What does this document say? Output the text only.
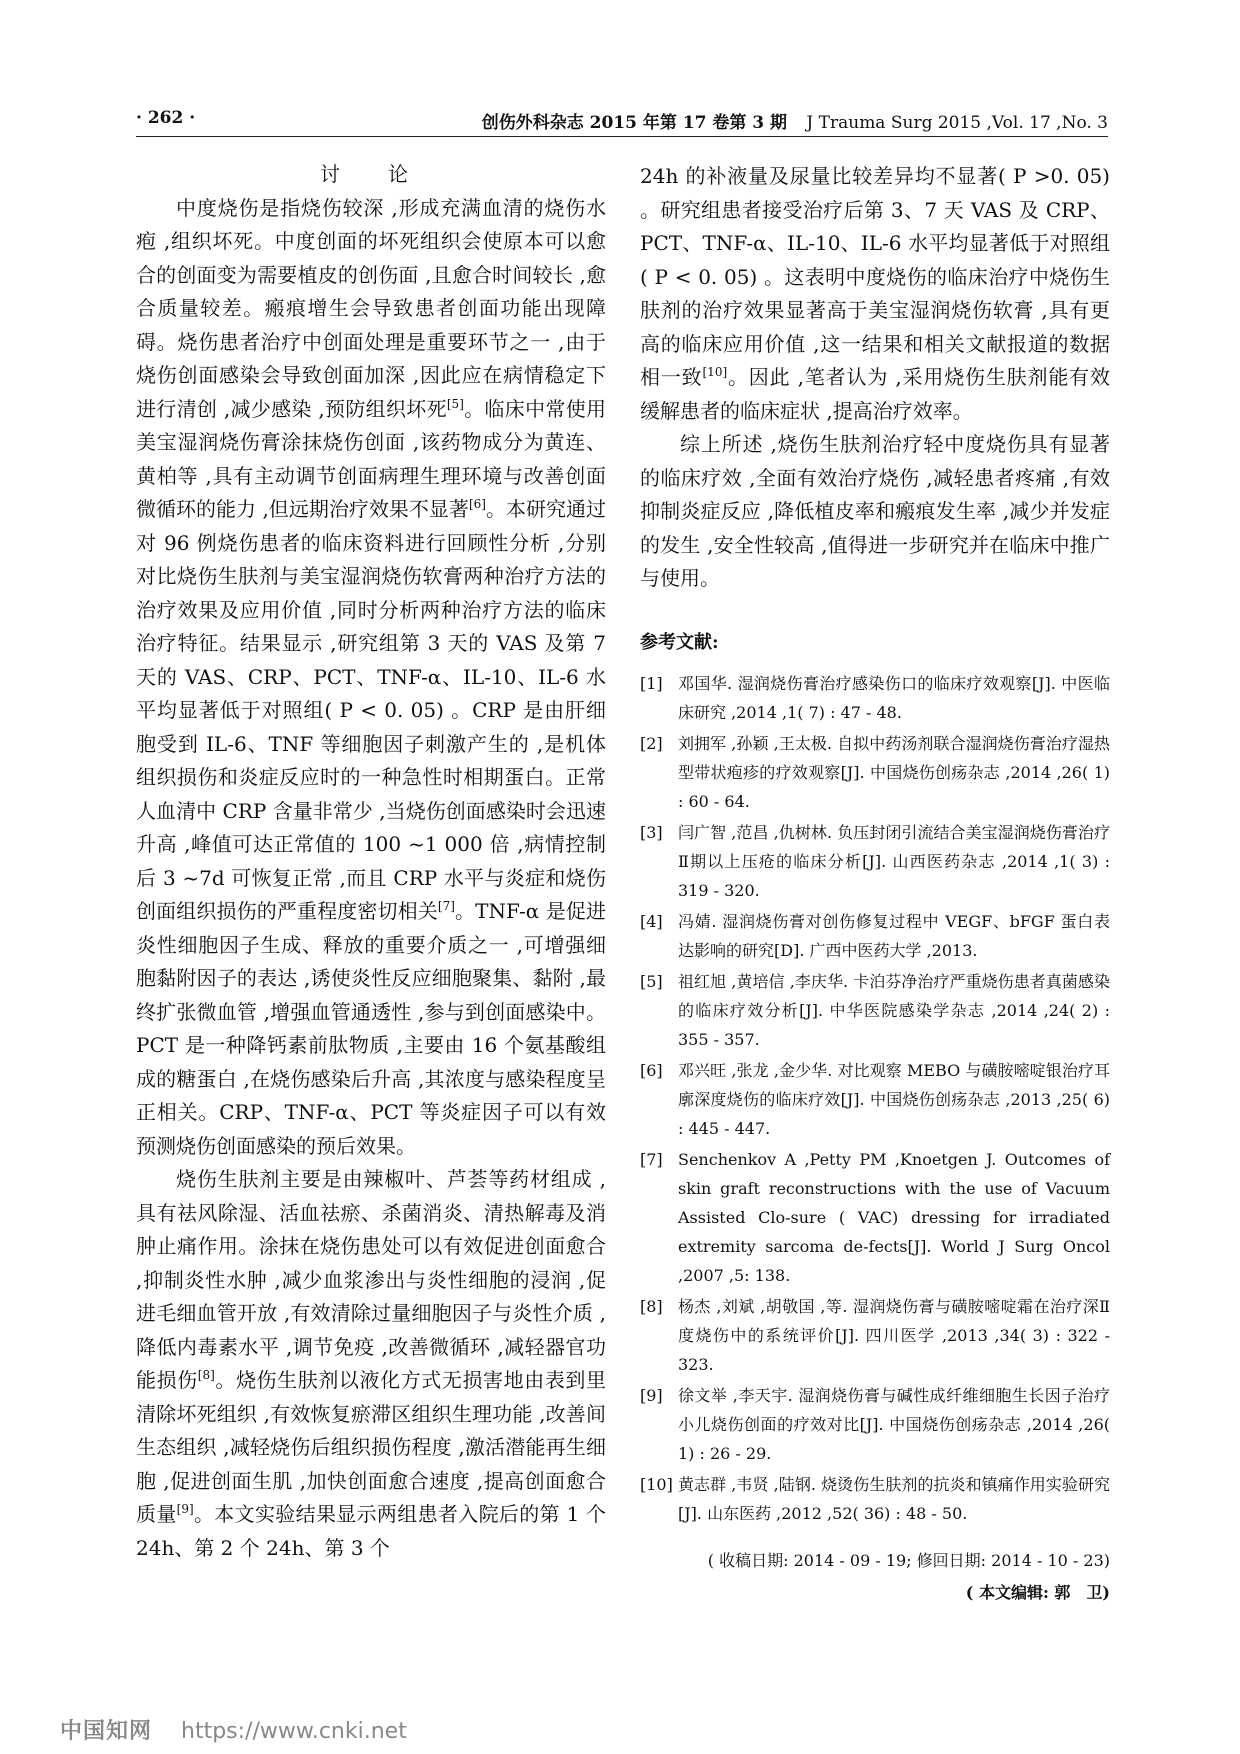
· 262 ·	创伤外科杂志 2015 年第 17 卷第 3 期 J Trauma Surg 2015 ,Vol. 17 ,No. 3
讨　论

中度烧伤是指烧伤较深 ,形成充满血清的烧伤水疱 ,组织坏死。中度创面的坏死组织会使原本可以愈合的创面变为需要植皮的创伤面 ,且愈合时间较长 ,愈合质量较差。瘢痕增生会导致患者创面功能出现障碍。烧伤患者治疗中创面处理是重要环节之一 ,由于烧伤创面感染会导致创面加深 ,因此应在病情稳定下进行清创 ,减少感染 ,预防组织坏死[5]。临床中常使用美宝湿润烧伤膏涂抹烧伤创面 ,该药物成分为黄连、黄柏等 ,具有主动调节创面病理生理环境与改善创面微循环的能力 ,但远期治疗效果不显著[6]。本研究通过对 96 例烧伤患者的临床资料进行回顾性分析 ,分别对比烧伤生肤剂与美宝湿润烧伤软膏两种治疗方法的治疗效果及应用价值 ,同时分析两种治疗方法的临床治疗特征。结果显示 ,研究组第 3 天的 VAS 及第 7 天的 VAS、CRP、PCT、TNF-α、IL-10、IL-6 水平均显著低于对照组( P < 0. 05) 。CRP 是由肝细胞受到 IL-6、TNF 等细胞因子刺激产生的 ,是机体组织损伤和炎症反应时的一种急性时相期蛋白。正常人血清中 CRP 含量非常少 ,当烧伤创面感染时会迅速升高 ,峰值可达正常值的 100 ~1 000 倍 ,病情控制后 3 ~7d 可恢复正常 ,而且 CRP 水平与炎症和烧伤创面组织损伤的严重程度密切相关[7]。TNF-α 是促进炎性细胞因子生成、释放的重要介质之一 ,可增强细胞黏附因子的表达 ,诱使炎性反应细胞聚集、黏附 ,最终扩张微血管 ,增强血管通透性 ,参与到创面感染中。PCT 是一种降钙素前肽物质 ,主要由 16 个氨基酸组成的糖蛋白 ,在烧伤感染后升高 ,其浓度与感染程度呈正相关。CRP、TNF-α、PCT 等炎症因子可以有效预测烧伤创面感染的预后效果。

烧伤生肤剂主要是由辣椒叶、芦荟等药材组成 ,具有祛风除湿、活血祛瘀、杀菌消炎、清热解毒及消肿止痛作用。涂抹在烧伤患处可以有效促进创面愈合 ,抑制炎性水肿 ,减少血浆渗出与炎性细胞的浸润 ,促进毛细血管开放 ,有效清除过量细胞因子与炎性介质 ,降低内毒素水平 ,调节免疫 ,改善微循环 ,减轻器官功能损伤[8]。烧伤生肤剂以液化方式无损害地由表到里清除坏死组织 ,有效恢复瘀滞区组织生理功能 ,改善间生态组织 ,减轻烧伤后组织损伤程度 ,激活潜能再生细胞 ,促进创面生肌 ,加快创面愈合速度 ,提高创面愈合质量[9]。本文实验结果显示两组患者入院后的第 1 个 24h、第 2 个 24h、第 3 个

24h 的补液量及尿量比较差异均不显著( P >0. 05) 。研究组患者接受治疗后第 3、7 天 VAS 及 CRP、PCT、TNF-α、IL-10、IL-6 水平均显著低于对照组( P < 0. 05) 。这表明中度烧伤的临床治疗中烧伤生肤剂的治疗效果显著高于美宝湿润烧伤软膏 ,具有更高的临床应用价值 ,这一结果和相关文献报道的数据相一致[10]。因此 ,笔者认为 ,采用烧伤生肤剂能有效缓解患者的临床症状 ,提高治疗效率。

综上所述 ,烧伤生肤剂治疗轻中度烧伤具有显著的临床疗效 ,全面有效治疗烧伤 ,减轻患者疼痛 ,有效抑制炎症反应 ,降低植皮率和瘢痕发生率 ,减少并发症的发生 ,安全性较高 ,值得进一步研究并在临床中推广与使用。

参考文献:
[1] 邓国华. 湿润烧伤膏治疗感染伤口的临床疗效观察[J]. 中医临床研究 ,2014 ,1( 7) : 47 - 48.
[2] 刘拥军 ,孙颖 ,王太极. 自拟中药汤剂联合湿润烧伤膏治疗湿热型带状疱疹的疗效观察[J]. 中国烧伤创疡杂志 ,2014 ,26( 1) : 60 - 64.
[3] 闫广智 ,范昌 ,仇树林. 负压封闭引流结合美宝湿润烧伤膏治疗Ⅱ期以上压疮的临床分析[J]. 山西医药杂志 ,2014 ,1( 3) : 319 - 320.
[4] 冯婧. 湿润烧伤膏对创伤修复过程中 VEGF、bFGF 蛋白表达影响的研究[D]. 广西中医药大学 ,2013.
[5] 祖红旭 ,黄培信 ,李庆华. 卡泊芬净治疗严重烧伤患者真菌感染的临床疗效分析[J]. 中华医院感染学杂志 ,2014 ,24( 2) : 355 - 357.
[6] 邓兴旺 ,张龙 ,金少华. 对比观察 MEBO 与磺胺嘧啶银治疗耳廓深度烧伤的临床疗效[J]. 中国烧伤创疡杂志 ,2013 ,25( 6) : 445 - 447.
[7] Senchenkov A ,Petty PM ,Knoetgen J. Outcomes of skin graft reconstructions with the use of Vacuum Assisted Clo-sure ( VAC) dressing for irradiated extremity sarcoma de-fects[J]. World J Surg Oncol ,2007 ,5: 138.
[8] 杨杰 ,刘斌 ,胡敬国 ,等. 湿润烧伤膏与磺胺嘧啶霜在治疗深Ⅱ度烧伤中的系统评价[J]. 四川医学 ,2013 ,34( 3) : 322 - 323.
[9] 徐文举 ,李天宇. 湿润烧伤膏与碱性成纤维细胞生长因子治疗小儿烧伤创面的疗效对比[J]. 中国烧伤创疡杂志 ,2014 ,26( 1) : 26 - 29.
[10] 黄志群 ,韦贤 ,陆钢. 烧烫伤生肤剂的抗炎和镇痛作用实验研究[J]. 山东医药 ,2012 ,52( 36) : 48 - 50.
( 收稿日期: 2014 - 09 - 19; 修回日期: 2014 - 10 - 23)
( 本文编辑: 郭　卫)
中国知网 https://www.cnki.net
